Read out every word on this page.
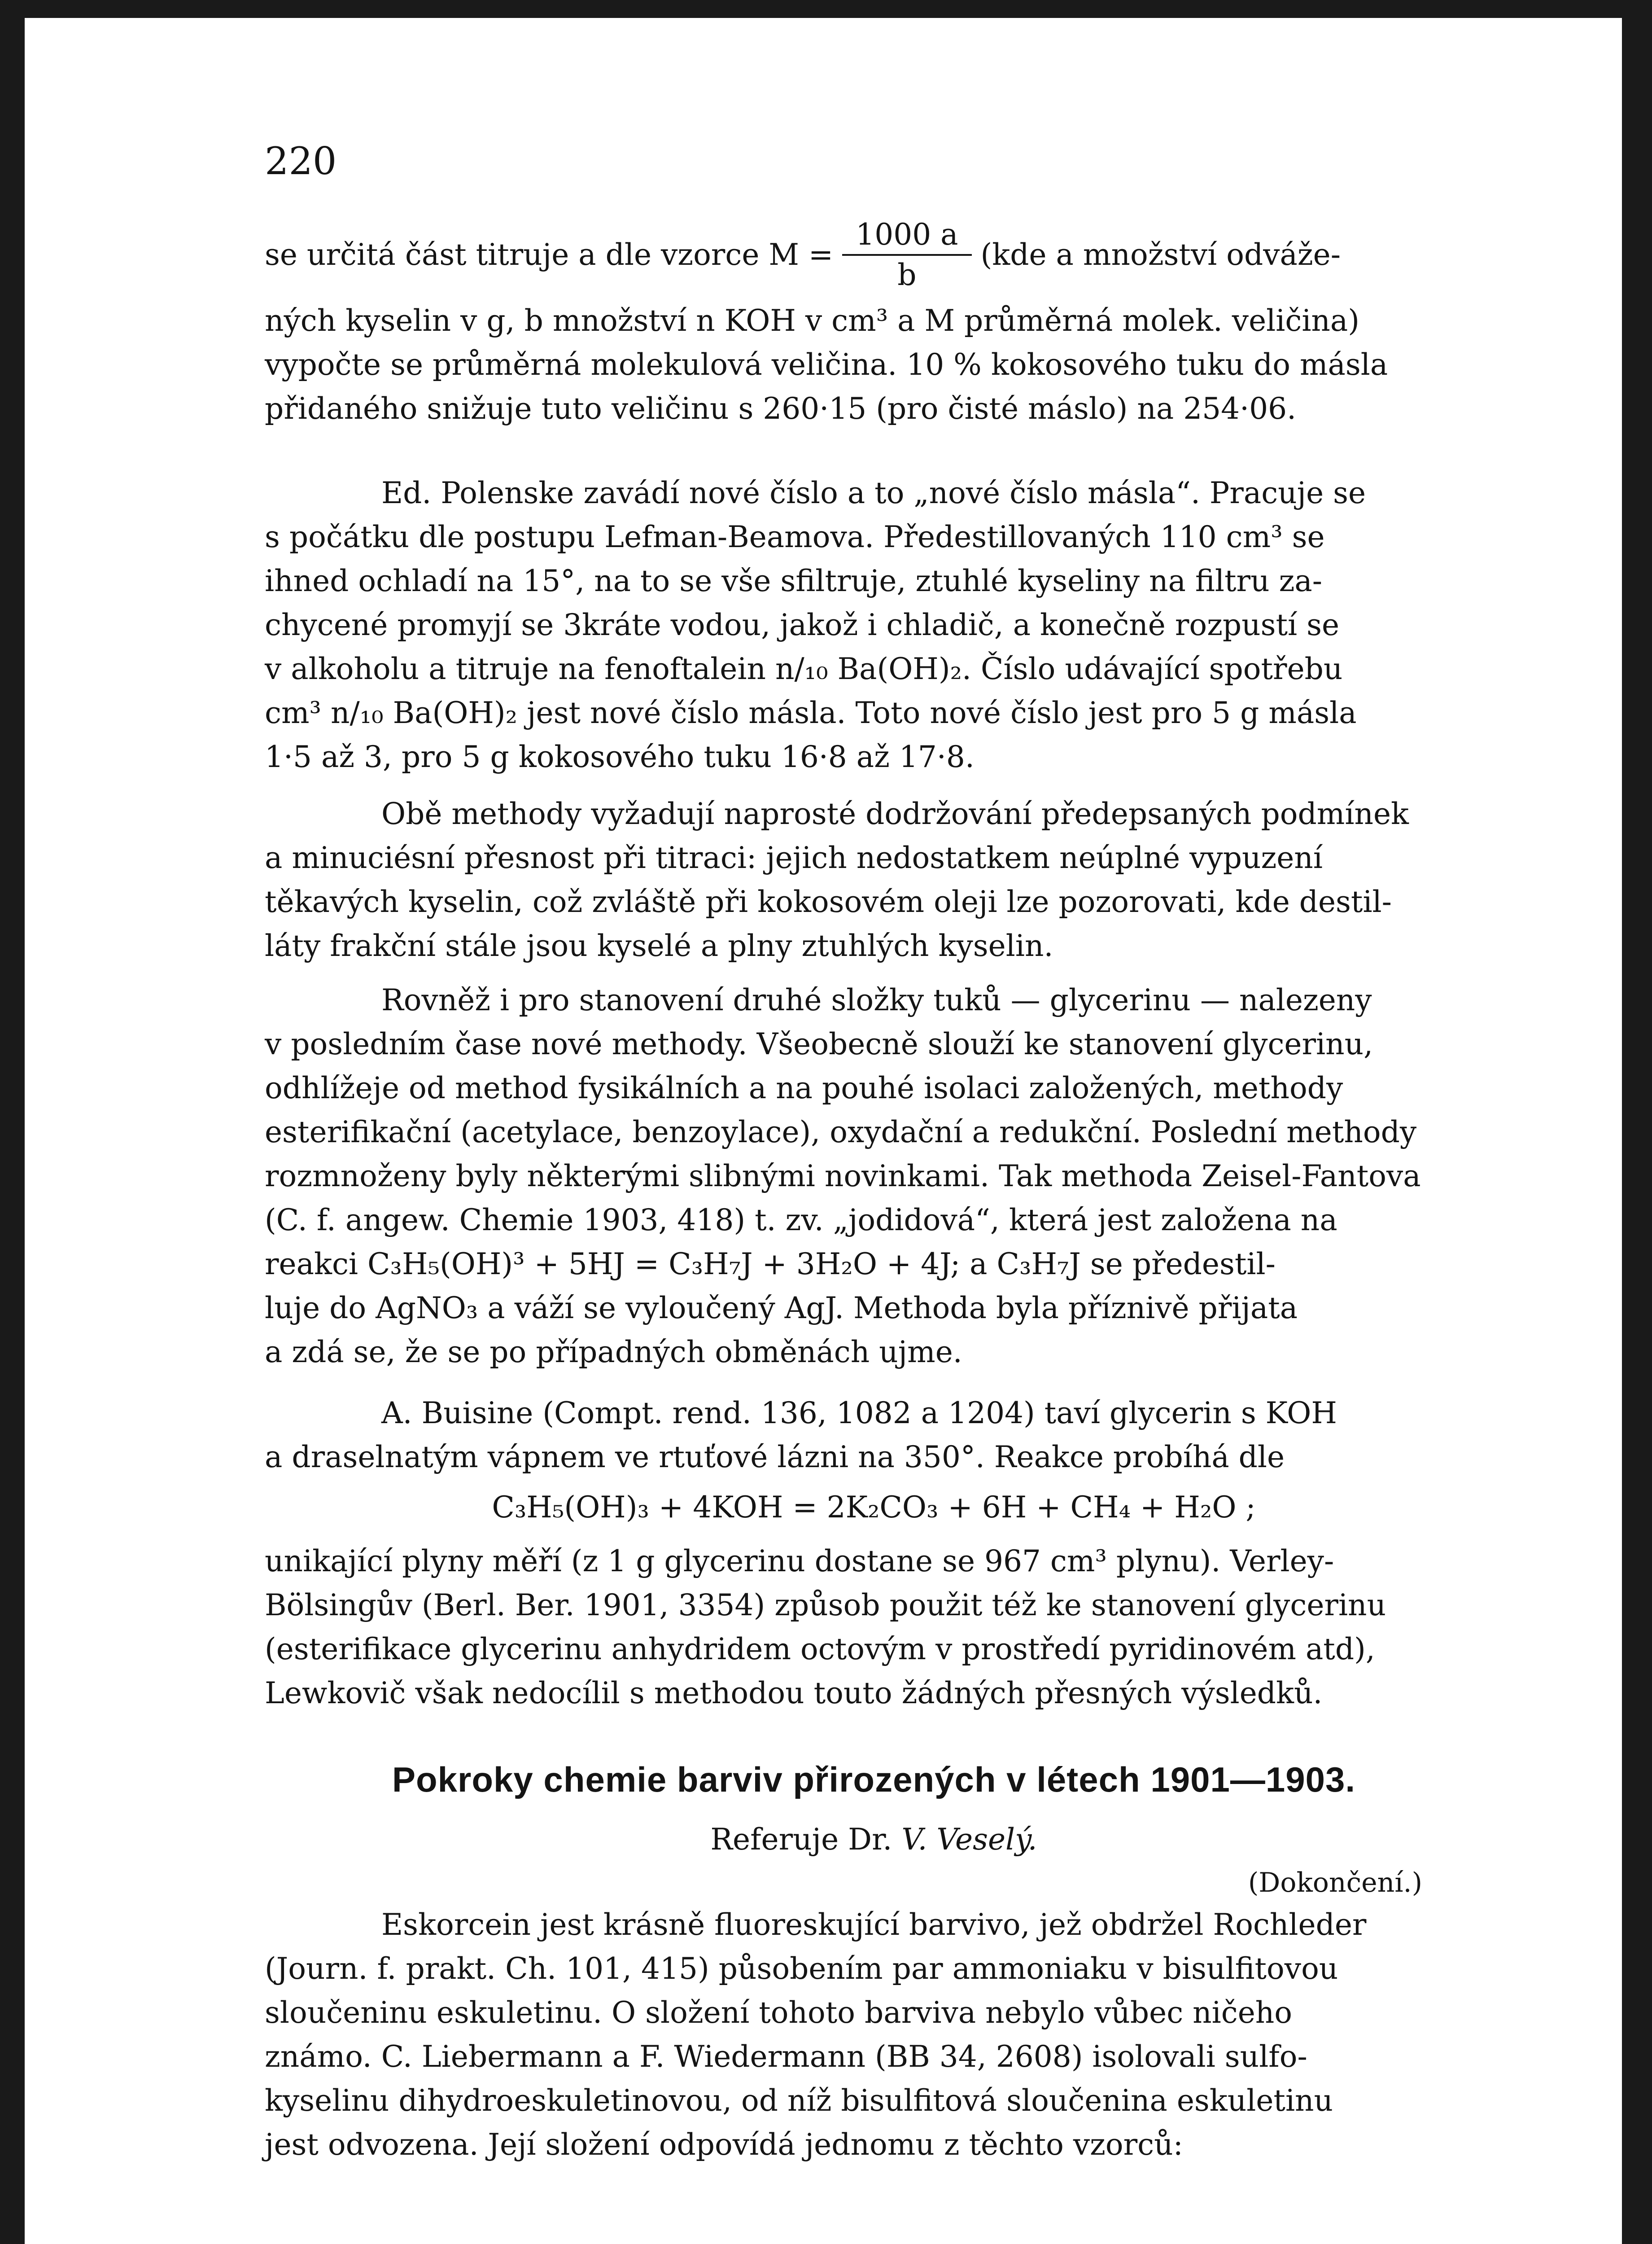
220
se určitá část titruje a dle vzorce $M = \frac{1000 a}{b} (kde$ a množství odváže-

ných kyselin v g, b množství n KOH v cm³ a M průměrná molek. veličina)

vypočte se průměrná molekulová veličina. 10 % kokosového tuku do másla

přidaného snižuje tuto veličinu s 260·15 (pro čisté máslo) na 254·06.

Ed. Polenske zavádí nové číslo a to „nové číslo másla“. Pracuje se

s počátku dle postupu Lefman-Beamova. Předestillovaných 110 cm³ se

ihned ochladí na 15°, na to se vše sfiltruje, ztuhlé kyseliny na filtru za-

chycené promyjí se 3kráte vodou, jakož i chladič, a konečně rozpustí se

v alkoholu a titruje na fenoftalein n/₁₀ Ba(OH)₂. Číslo udávající spotřebu

cm³ n/₁₀ Ba(OH)₂ jest nové číslo másla. Toto nové číslo jest pro 5 g másla

1·5 až 3, pro 5 g kokosového tuku 16·8 až 17·8.

Obě methody vyžadují naprosté dodržování předepsaných podmínek

a minuciésní přesnost při titraci: jejich nedostatkem neúplné vypuzení

těkavých kyselin, což zvláště při kokosovém oleji lze pozorovati, kde destil-

láty frakční stále jsou kyselé a plny ztuhlých kyselin.

Rovněž i pro stanovení druhé složky tuků — glycerinu — nalezeny

v posledním čase nové methody. Všeobecně slouží ke stanovení glycerinu,

odhlížeje od method fysikálních a na pouhé isolaci založených, methody

esterifikační (acetylace, benzoylace), oxydační a redukční. Poslední methody

rozmnoženy byly některými slibnými novinkami. Tak methoda Zeisel-Fantova

(C. f. angew. Chemie 1903, 418) t. zv. „jodidová“, která jest založena na

reakci C₃H₅(OH)³ + 5HJ = C₃H₇J + 3H₂O + 4J; a C₃H₇J se předestil-

luje do AgNO₃ a váží se vyloučený AgJ. Methoda byla příznivě přijata

a zdá se, že se po případných obměnách ujme.

A. Buisine (Compt. rend. 136, 1082 a 1204) taví glycerin s KOH

a draselnatým vápnem ve rtuťové lázni na 350°. Reakce probíhá dle

C₃H₅(OH)₃ + 4KOH = 2K₂CO₃ + 6H + CH₄ + H₂O ;

unikající plyny měří (z 1 g glycerinu dostane se 967 cm³ plynu). Verley-

Bölsingův (Berl. Ber. 1901, 3354) způsob použit též ke stanovení glycerinu

(esterifikace glycerinu anhydridem octovým v prostředí pyridinovém atd),

Lewkovič však nedocílil s methodou touto žádných přesných výsledků.

Pokroky chemie barviv přirozených v létech 1901—1903.
Referuje Dr. V. Veselý.
(Dokončení.)

Eskorcein jest krásně fluoreskující barvivo, jež obdržel Rochleder

(Journ. f. prakt. Ch. 101, 415) působením par ammoniaku v bisulfitovou

sloučeninu eskuletinu. O složení tohoto barviva nebylo vůbec ničeho

známo. C. Liebermann a F. Wiedermann (BB 34, 2608) isolovali sulfo-

kyselinu dihydroeskuletinovou, od níž bisulfitová sloučenina eskuletinu

jest odvozena. Její složení odpovídá jednomu z těchto vzorců:
